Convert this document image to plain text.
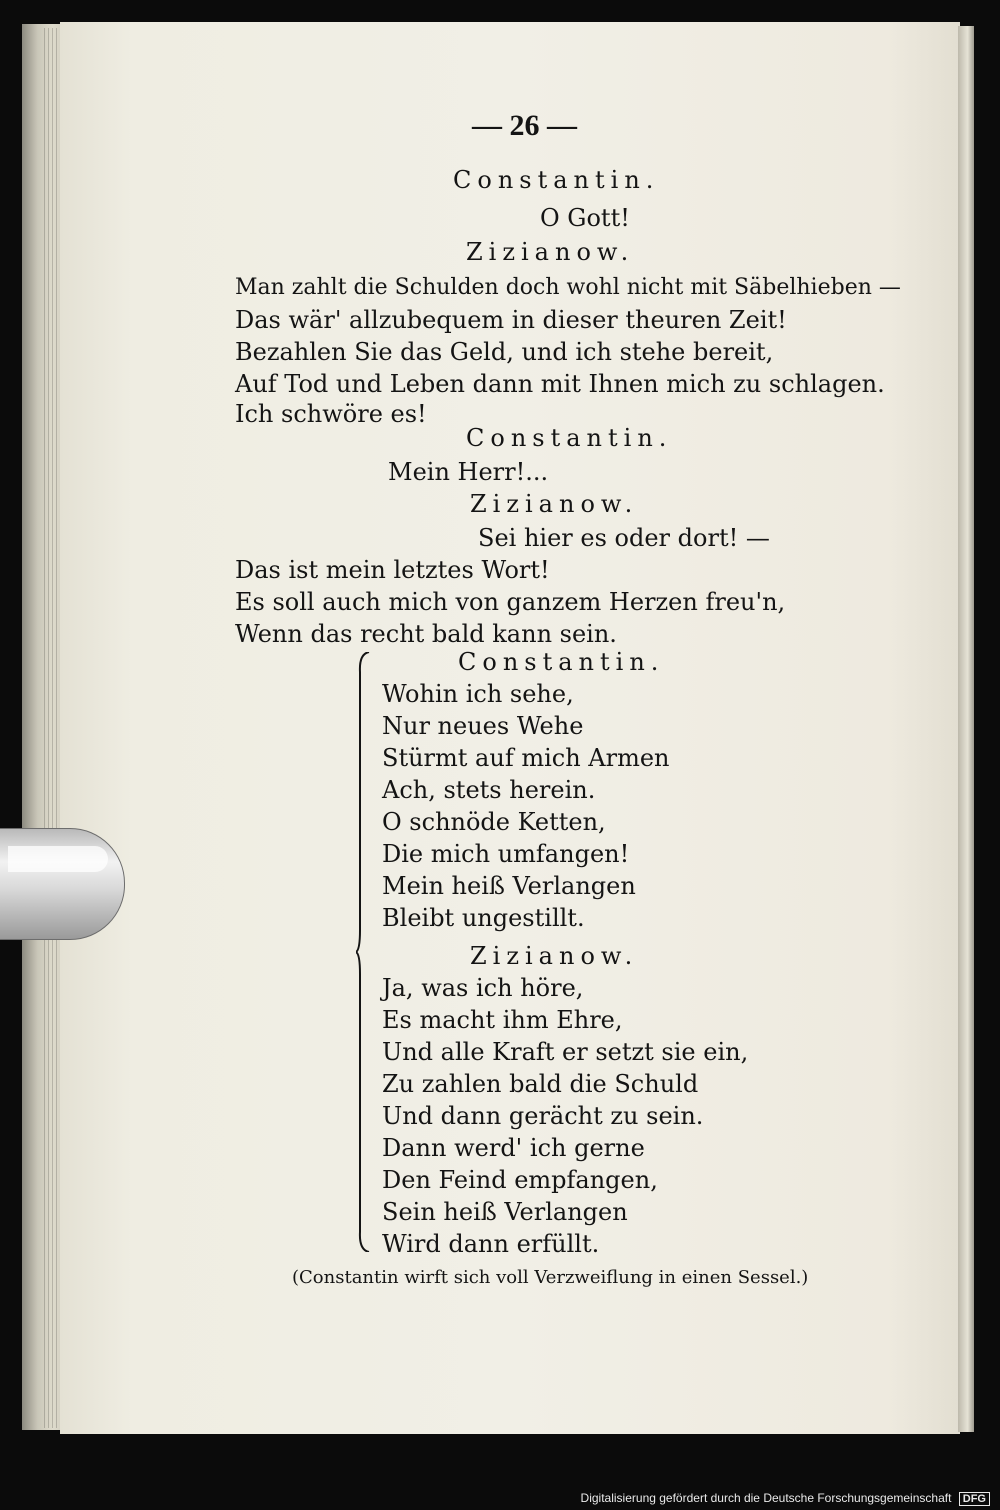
— 26 —
Constantin.
O Gott!
Zizianow.
Man zahlt die Schulden doch wohl nicht mit Säbelhieben —
Das wär' allzubequem in dieser theuren Zeit!
Bezahlen Sie das Geld, und ich stehe bereit,
Auf Tod und Leben dann mit Ihnen mich zu schlagen.
Ich schwöre es!
Constantin.
Mein Herr!...
Zizianow.
Sei hier es oder dort! —
Das ist mein letztes Wort!
Es soll auch mich von ganzem Herzen freu'n,
Wenn das recht bald kann sein.
Constantin.
Wohin ich sehe,
Nur neues Wehe
Stürmt auf mich Armen
Ach, stets herein.
O schnöde Ketten,
Die mich umfangen!
Mein heiß Verlangen
Bleibt ungestillt.
Zizianow.
Ja, was ich höre,
Es macht ihm Ehre,
Und alle Kraft er setzt sie ein,
Zu zahlen bald die Schuld
Und dann gerächt zu sein.
Dann werd' ich gerne
Den Feind empfangen,
Sein heiß Verlangen
Wird dann erfüllt.
(Constantin wirft sich voll Verzweiflung in einen Sessel.)
Digitalisierung gefördert durch die Deutsche Forschungsgemeinschaft DFG
